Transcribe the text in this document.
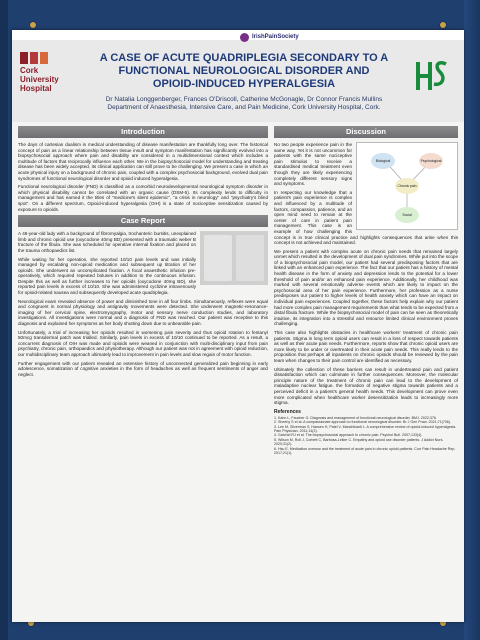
IrishPainSociety
Cork University Hospital
A CASE OF ACUTE QUADRIPLEGIA SECONDARY TO A FUNCTIONAL NEUROLOGICAL DISORDER AND OPIOID-INDUCED HYPERALGESIA
Dr Natalia Longgenberger, Frances O'Driscoll, Catherine McGonagle, Dr Connor Francis Mullins
Department of Anaesthesia, Intensive Care, and Pain Medicine, Cork University Hospital, Cork.
Introduction

The days of cartesian dualism in medical understanding of disease manifestation are thankfully long over. The historical concept of pain as a linear relationship between tissue insult and symptom manifestation has significantly evolved into a biopsychosocial approach where pain and disability are considered in a multidimensional context which includes a multitude of factors that reciprocally influence each other. We in the biopsychosocial model for understanding and treating disease has been widely accepted, its clinical application can still prove to be challenging. We present a case in which an acute physical injury on a background of chronic pain, coupled with a complex psychosocial background, evolved dual pain syndromes of functional neurological disorder and opioid induced hyperalgesia.

Functional neurological disorder (FND) is classified as a comorbid neurodevelopmental neurological symptom disorder in which physical disability cannot be correlated with an organic cause (DSM-5). Its complexity lends to difficulty in management and has earned it the titles of "medicine's silent epidemic", "a crisis in neurology" and "psychiatry's blind spot". On a different spectrum, Opioid-induced hyperalgesia (OIH) is a state of nociceptive sensitization caused by exposure to opioids.

Case Report

A 46-year-old lady with a background of fibromyalgia, trochanteric bursitis, unexplained limb and chronic opioid use (oxycodone 40mg BD) presented with a traumatic weber B fracture of the fibula. She was scheduled for operative internal fixation and placed on the trauma orthopaedics list.

While waiting for her operation, she reported 10/10 pain levels and was initially managed by escalating non-opioid medication and subsequent up titration of her opioids. She underwent an uncomplicated fixation. A focal anaesthetic infusion pre-operatively, which required repeated boluses in addition to the continuous infusion. Despite this as well as further increases to her opioids (oxycodone 40mg BD), she reported pain levels in excess of 10/10. She was administered cyclizine intravenously for opioid-related nausea and subsequently developed acute quadriplegia.

Neurological exam revealed absence of power and diminished tone in all four limbs. Simultaneously, reflexes were equal and congruent in normal physiology and antigravity movements were detected. She underwent magnetic-resonance-imaging of her cervical spine, electromyography, motor and sensory nerve conduction studies, and laboratory investigations. All investigations were normal and a diagnosis of FND was reached. Our patient was receptive to this diagnosis and explained her symptoms as her body shutting down due to unbearable pain.

Unfortunately, a trial of increasing her opioids resulted in worsening pain severity and thus opioid rotation to fentanyl 50mcg transdermal patch was trialled. Similarly, pain levels in excess of 10/10 continued to be reported. As a result, a concurrent diagnosis of OIH was made and opioids were weaned in conjunction with multi-disciplinary input from pain psychiatry, chronic pain, orthopaedics and physiotherapy. Although our patient was not in agreement with opioid reduction, our multidisciplinary team approach ultimately lead to improvement in pain levels and slow regain of motor function.

Further engagement with our patient revealed an extensive history of unconnected generalized pain beginning in early adolescence, somatization of cognitive anxieties in the form of headaches as well as frequent sentiments of anger and neglect.

Discussion
Biological	Psychological
Social
Chronic pain

No two people experience pain in the same way. Yet it is not uncommon for patients with the same nociceptive pain stimulus to receive a standardised medical treatment even though they are likely experiencing completely different sensory signs and symptoms.

In respecting our knowledge that a patient's pain experience is complex and influenced by a multitude of factors, compassion, patience, and an open mind need to remain at the center of care in patient pain management. This case is an example of how challenging this concept is in true clinical practice and highlights consequences that arise when this concept is not achieved and maintained.

We present a patient with complex acute on chronic pain needs that remained largely unmet which resulted in the development of dual pain syndromes. While put into the scope of a biopsychosocial pain model, our patient had several predisposing factors that are linked with an enhanced pain experience. The fact that our patient has a history of mental health disease in the form of anxiety and depression lends to the potential for a lower threshold of pain and/or an enhanced pain experience. Additionally, her childhood was marked with several emotionally adverse events which are likely to impact on the psychosocial area of her pain experience. Furthermore, her profession as a nurse predisposes our patient to higher levels of health anxiety which can have an impact on individual pain experiences. Coupled together, these factors help explain why our patient had more complex pain management requirements than what tends to be expected from a distal fibula fracture. While the biopsychosocial model of pain can be seen as theoretically intuitive, its integration into a stressful and resource limited clinical environment proves challenging.

This case also highlights obstacles in healthcare workers' treatment of chronic pain patients. Stigma in long term opioid users can result in a loss of respect towards patients as well as their acute pain needs. Furthermore, reports show that chronic opioid users are more likely to be under or overtreated in their acute pain needs. This really lends to the proposition that perhaps all inpatients on chronic opioids should be reviewed by the pain team when changes to their pain control are identified as necessary.

Ultimately the collection of these barriers can result in undertreated pain and patient dissatisfaction which can culminate in further consequences. Moreover, the molecular principle nature of the treatment of chronic pain can lead to the development of maladaptive nuclear fatigue, the formation of negative stigma towards patients and a perceived deficit in a patient's general health needs. This development can prove even more complicated when healthcare worker desensitization leads to increasingly more stigma.

References

1. Kahn L, Faucher G. Diagnosis and management of functional neurological disorder. BMJ. 2022;376.

2. Sheehy S et al. A compassionate approach to functional neurological disorder. Br J Gen Pract. 2021;71(706).

3. Lee M, Silverman S, Hansen H, Patel V, Manchikanti L. A comprehensive review of opioid-induced hyperalgesia. Pain Physician. 2011;14(2).

4. Gatchel RJ et al. The biopsychosocial approach to chronic pain. Psychol Bull. 2007;133(4).

5. Wilson M, Roll J, Corbett C, Barbosa-Leiker C. Empathy and opioid use disorder patients. J Addict Nurs. 2020;31(2).

6. Hsu E. Medication overuse and the treatment of acute pain in chronic opioid patients. Curr Pain Headache Rep. 2017;21(1).
